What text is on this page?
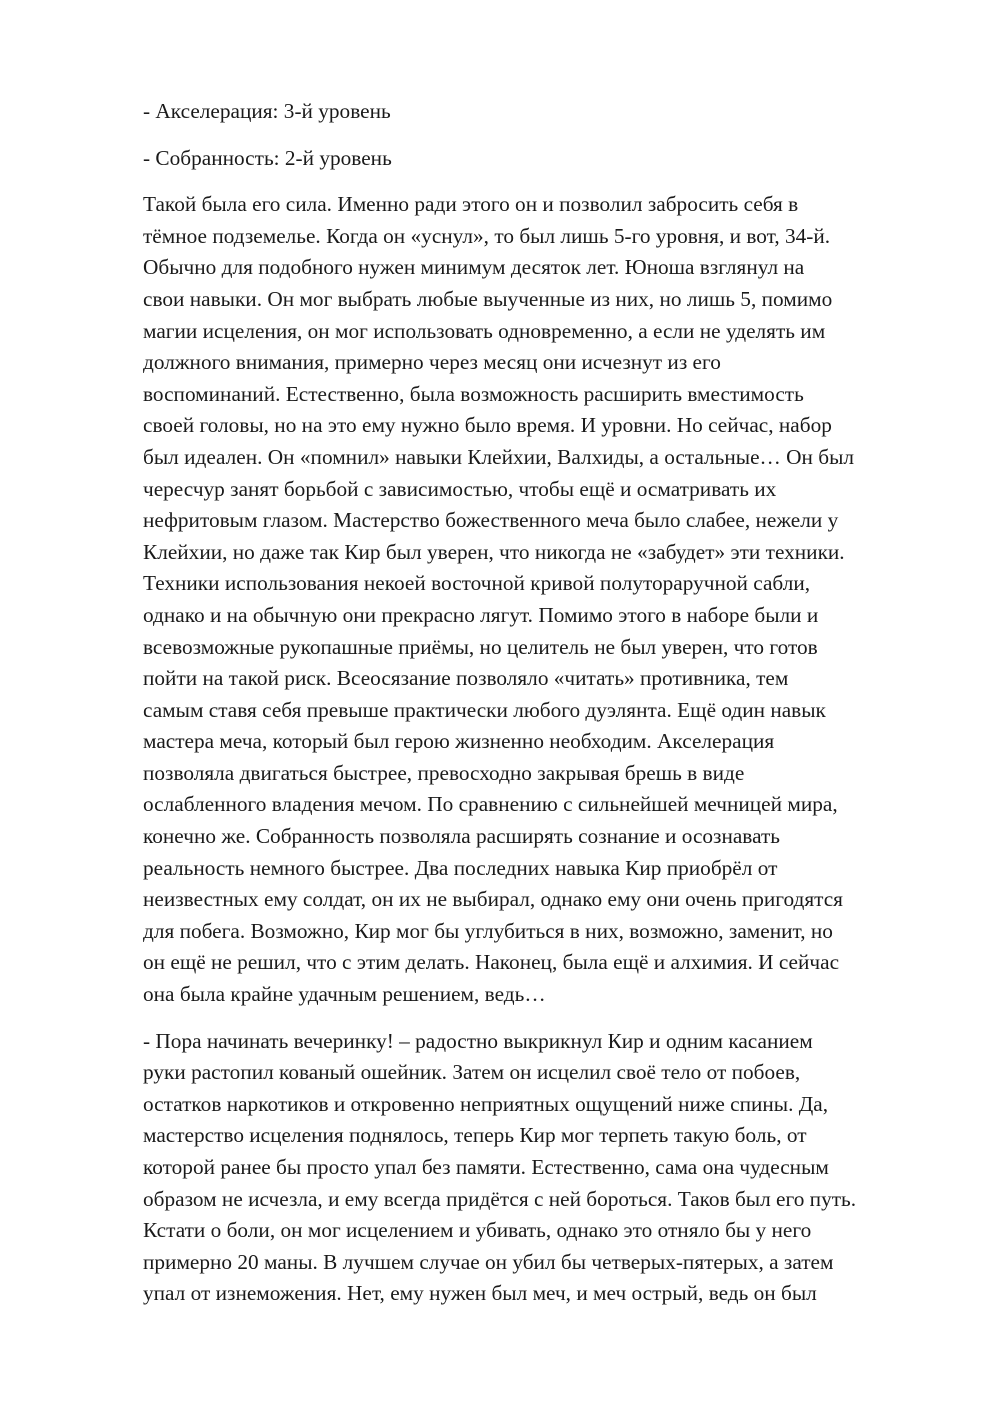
- Акселерация: 3-й уровень
- Собранность: 2-й уровень
Такой была его сила. Именно ради этого он и позволил забросить себя в
тёмное подземелье. Когда он «уснул», то был лишь 5-го уровня, и вот, 34-й.
Обычно для подобного нужен минимум десяток лет. Юноша взглянул на
свои навыки. Он мог выбрать любые выученные из них, но лишь 5, помимо
магии исцеления, он мог использовать одновременно, а если не уделять им
должного внимания, примерно через месяц они исчезнут из его
воспоминаний. Естественно, была возможность расширить вместимость
своей головы, но на это ему нужно было время. И уровни. Но сейчас, набор
был идеален. Он «помнил» навыки Клейхии, Валхиды, а остальные… Он был
чересчур занят борьбой с зависимостью, чтобы ещё и осматривать их
нефритовым глазом. Мастерство божественного меча было слабее, нежели у
Клейхии, но даже так Кир был уверен, что никогда не «забудет» эти техники.
Техники использования некоей восточной кривой полуторaручной сабли,
однако и на обычную они прекрасно лягут. Помимо этого в наборе были и
всевозможные рукопашные приёмы, но целитель не был уверен, что готов
пойти на такой риск. Всеосязание позволяло «читать» противника, тем
самым ставя себя превыше практически любого дуэлянта. Ещё один навык
мастера меча, который был герою жизненно необходим. Акселерация
позволяла двигаться быстрее, превосходно закрывая брешь в виде
ослабленного владения мечом. По сравнению с сильнейшей мечницей мира,
конечно же. Собранность позволяла расширять сознание и осознавать
реальность немного быстрее. Два последних навыка Кир приобрёл от
неизвестных ему солдат, он их не выбирал, однако ему они очень пригодятся
для побега. Возможно, Кир мог бы углубиться в них, возможно, заменит, но
он ещё не решил, что с этим делать. Наконец, была ещё и алхимия. И сейчас
она была крайне удачным решением, ведь…
- Пора начинать вечеринку! – радостно выкрикнул Кир и одним касанием
руки растопил кованый ошейник. Затем он исцелил своё тело от побоев,
остатков наркотиков и откровенно неприятных ощущений ниже спины. Да,
мастерство исцеления поднялось, теперь Кир мог терпеть такую боль, от
которой ранее бы просто упал без памяти. Естественно, сама она чудесным
образом не исчезла, и ему всегда придётся с ней бороться. Таков был его путь.
Кстати о боли, он мог исцелением и убивать, однако это отняло бы у него
примерно 20 маны. В лучшем случае он убил бы четверых-пятерых, а затем
упал от изнеможения. Нет, ему нужен был меч, и меч острый, ведь он был
